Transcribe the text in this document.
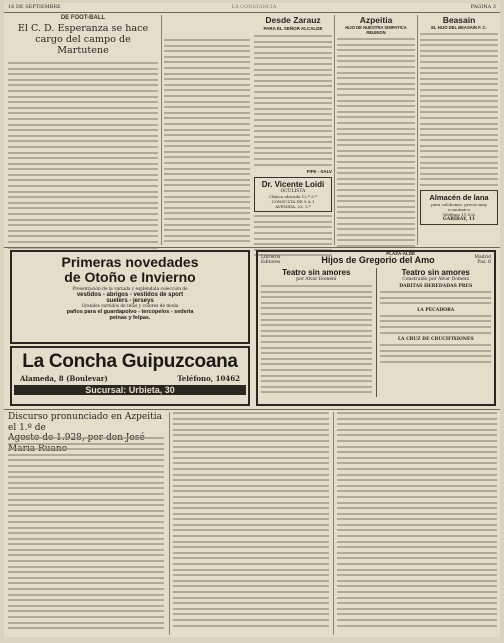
16 DE SEPTIEMBRE	LA CONSTANCIA	PAGINA 3
DE FOOT-BALL
El C. D. Esperanza se hace
cargo del campo de Martutene
Desde Zarauz
PARA EL SEÑOR ALCALDE
FIFE - SALV
Dr. Vicente Loidi
OCULISTA
Clínica ubicada 12.º-3.º
CONSULTA DE 9 A 1
AVENIDA, 23, 2.º
Azpeitia
HIJO DE NUESTRA SIMPATICA
REUNION
PLAZA-ALDE
Beasain
EL HIJO DEL BEASAIN F. C.
Almacén de lana
para colchones, precio muy
económico
Teléfono 11-532
GARIBAY, 11
Primeras novedades
de Otoño e Invierno
Presentación de la variada y espléndida colección de
vestidos - abrigos - vestidos de sport
sueters - jerseys
Grandes surtidos de telas y colores de moda
paños para el guardapolvo - tercopelos - sederia
peinas y felpas.
La Concha Guipuzcoana
Alameda, 8 (Boulevar)	Teléfono, 10462
Sucursal: Urbieta, 30
Libreros Editores	Hijos de Gregorio del Amo	Madrid
Paz, 6
Teatro sin amores
por Alvar Domeni
Teatro sin amores
Construido por Alvar Domeni
DABITAS HEREDADAS PRES
LA PECADORA
LA CRUZ DE CRUCIFIXIONES
Discurso pronunciado en Azpeitia el 1.º de
